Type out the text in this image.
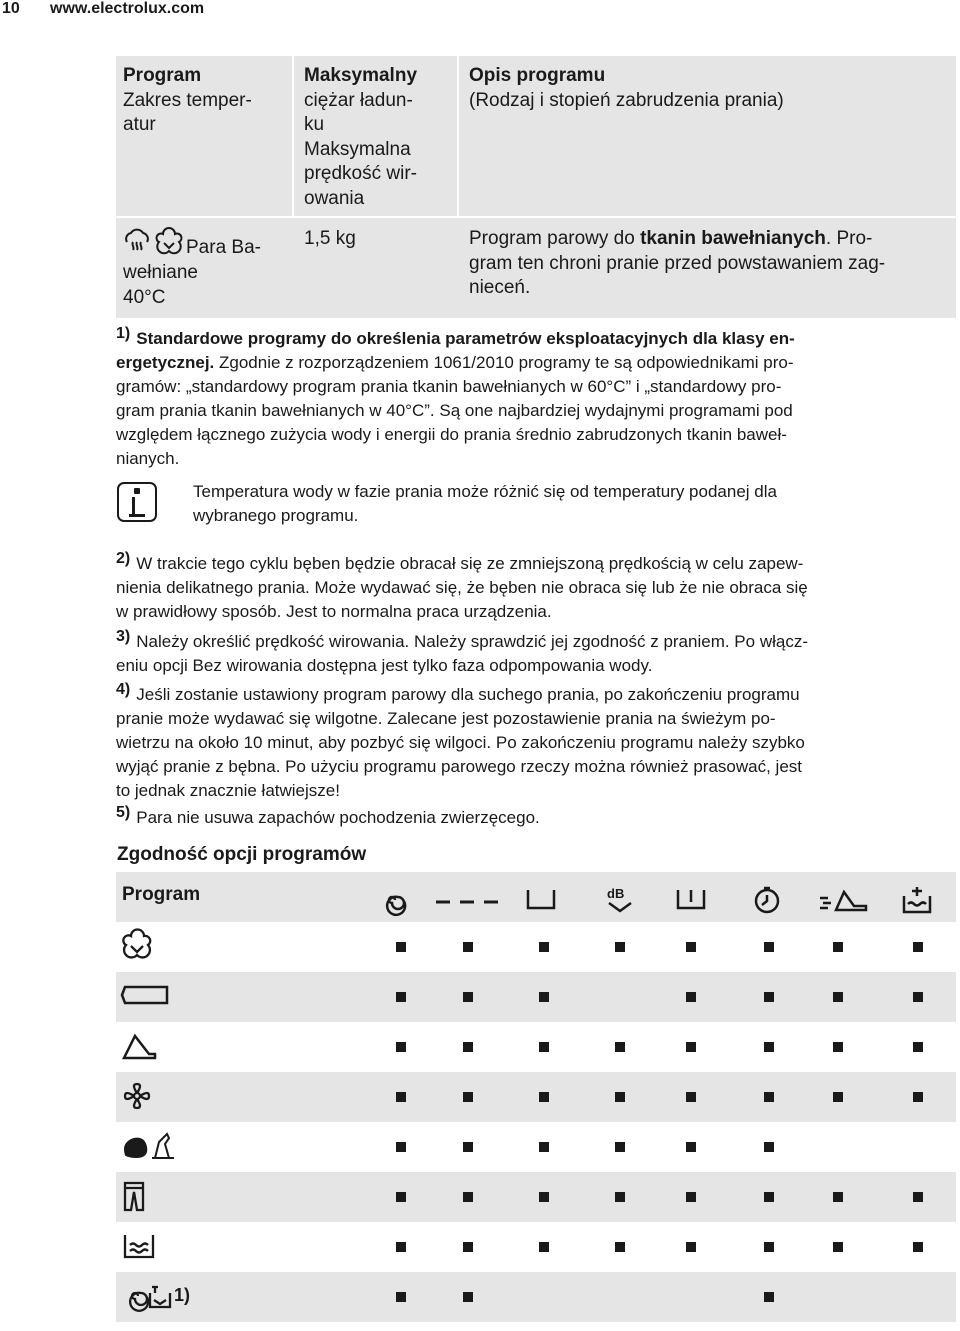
10 www.electrolux.com
Program
Zakres temper-
atur
Maksymalny
ciężar ładun-
ku
Maksymalna
prędkość wir-
owania
Opis programu
(Rodzaj i stopień zabrudzenia prania)
Para Ba-
wełniane
40°C
1,5 kg	Program parowy do tkanin bawełnianych. Pro-
gram ten chroni pranie przed powstawaniem zag-
nieceń.
$^{1)}$ Standardowe programy do określenia parametrów eksploatacyjnych dla klasy en-
ergetycznej. Zgodnie z rozporządzeniem 1061/2010 programy te są odpowiednikami pro-
gramów: „standardowy program prania tkanin bawełnianych w 60°C” i „standardowy pro-
gram prania tkanin bawełnianych w 40°C”. Są one najbardziej wydajnymi programami pod
względem łącznego zużycia wody i energii do prania średnio zabrudzonych tkanin baweł-
nianych.
Temperatura wody w fazie prania może różnić się od temperatury podanej dla
wybranego programu.
$^{2)}$ W trakcie tego cyklu bęben będzie obracał się ze zmniejszoną prędkością w celu zapew-
nienia delikatnego prania. Może wydawać się, że bęben nie obraca się lub że nie obraca się
w prawidłowy sposób. Jest to normalna praca urządzenia.
$^{3)}$ Należy określić prędkość wirowania. Należy sprawdzić jej zgodność z praniem. Po włącz-
eniu opcji Bez wirowania dostępna jest tylko faza odpompowania wody.
$^{4)}$ Jeśli zostanie ustawiony program parowy dla suchego prania, po zakończeniu programu
pranie może wydawać się wilgotne. Zalecane jest pozostawienie prania na świeżym po-
wietrzu na około 10 minut, aby pozbyć się wilgoci. Po zakończeniu programu należy szybko
wyjąć pranie z bębna. Po użyciu programu parowego rzeczy można również prasować, jest
to jednak znacznie łatwiejsze!
$^{5)}$ Para nie usuwa zapachów pochodzenia zwierzęcego.
Zgodność opcji programów
Program	dB
1)
